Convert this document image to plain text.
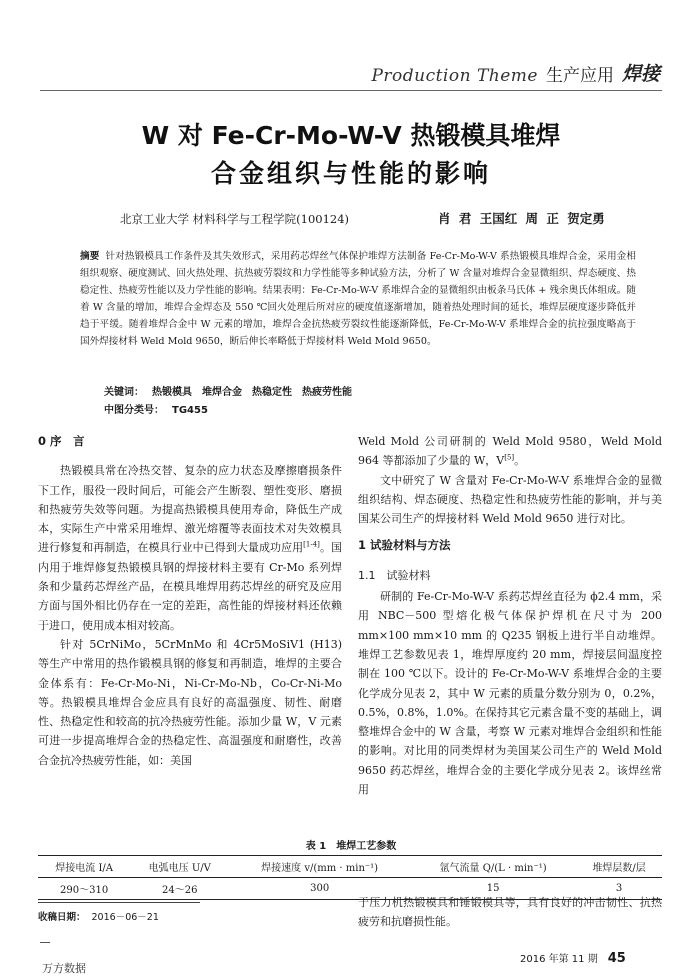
Production Theme 生产应用 焊接
W 对 Fe-Cr-Mo-W-V 热锻模具堆焊
合金组织与性能的影响
北京工业大学 材料科学与工程学院(100124)	肖 君 王国红 周 正 贺定勇
摘要 针对热锻模具工作条件及其失效形式，采用药芯焊丝气体保护堆焊方法制备 Fe-Cr-Mo-W-V 系热锻模具堆焊合金，采用金相组织观察、硬度测试、回火热处理、抗热疲劳裂纹和力学性能等多种试验方法，分析了 W 含量对堆焊合金显微组织、焊态硬度、热稳定性、热疲劳性能以及力学性能的影响。结果表明：Fe-Cr-Mo-W-V 系堆焊合金的显微组织由板条马氏体 + 残余奥氏体组成。随着 W 含量的增加，堆焊合金焊态及 550 ℃回火处理后所对应的硬度值逐渐增加，随着热处理时间的延长，堆焊层硬度逐步降低并趋于平缓。随着堆焊合金中 W 元素的增加，堆焊合金抗热疲劳裂纹性能逐渐降低，Fe-Cr-Mo-W-V 系堆焊合金的抗拉强度略高于国外焊接材料 Weld Mold 9650，断后伸长率略低于焊接材料 Weld Mold 9650。
关键词： 热锻模具 堆焊合金 热稳定性 热疲劳性能
中图分类号： TG455
0 序　言

热锻模具常在冷热交替、复杂的应力状态及摩擦磨损条件下工作，服役一段时间后，可能会产生断裂、塑性变形、磨损和热疲劳失效等问题。为提高热锻模具使用寿命，降低生产成本，实际生产中常采用堆焊、激光熔覆等表面技术对失效模具进行修复和再制造，在模具行业中已得到大量成功应用[1-4]。国内用于堆焊修复热锻模具钢的焊接材料主要有 Cr-Mo 系列焊条和少量药芯焊丝产品，在模具堆焊用药芯焊丝的研究及应用方面与国外相比仍存在一定的差距，高性能的焊接材料还依赖于进口，使用成本相对较高。

针对 5CrNiMo，5CrMnMo 和 4Cr5MoSiV1 (H13) 等生产中常用的热作锻模具钢的修复和再制造，堆焊的主要合金体系有：Fe-Cr-Mo-Ni，Ni-Cr-Mo-Nb，Co-Cr-Ni-Mo 等。热锻模具堆焊合金应具有良好的高温强度、韧性、耐磨性、热稳定性和较高的抗冷热疲劳性能。添加少量 W，V 元素可进一步提高堆焊合金的热稳定性、高温强度和耐磨性，改善合金抗冷热疲劳性能，如：美国

Weld Mold 公司研制的 Weld Mold 9580，Weld Mold 964 等都添加了少量的 W，V[5]。

文中研究了 W 含量对 Fe-Cr-Mo-W-V 系堆焊合金的显微组织结构、焊态硬度、热稳定性和热疲劳性能的影响，并与美国某公司生产的焊接材料 Weld Mold 9650 进行对比。

1 试验材料与方法
1.1　试验材料

研制的 Fe-Cr-Mo-W-V 系药芯焊丝直径为 ϕ2.4 mm，采用 NBC－500 型熔化极气体保护焊机在尺寸为 200 mm×100 mm×10 mm 的 Q235 钢板上进行半自动堆焊。堆焊工艺参数见表 1，堆焊厚度约 20 mm，焊接层间温度控制在 100 ℃以下。设计的 Fe-Cr-Mo-W-V 系堆焊合金的主要化学成分见表 2，其中 W 元素的质量分数分别为 0，0.2%，0.5%，0.8%，1.0%。在保持其它元素含量不变的基础上，调整堆焊合金中的 W 含量，考察 W 元素对堆焊合金组织和性能的影响。对比用的同类焊材为美国某公司生产的 Weld Mold 9650 药芯焊丝，堆焊合金的主要化学成分见表 2。该焊丝常用

表 1　堆焊工艺参数
焊接电流 I/A	电弧电压 U/V	焊接速度 v/(mm · min⁻¹)	氩气流量 Q/(L · min⁻¹)	堆焊层数/层
290～310	24～26	300	15	3
收稿日期： 2016－06－21
于压力机热锻模具和锤锻模具等，具有良好的冲击韧性、抗热疲劳和抗磨损性能。
2016 年第 11 期 45
万方数据
